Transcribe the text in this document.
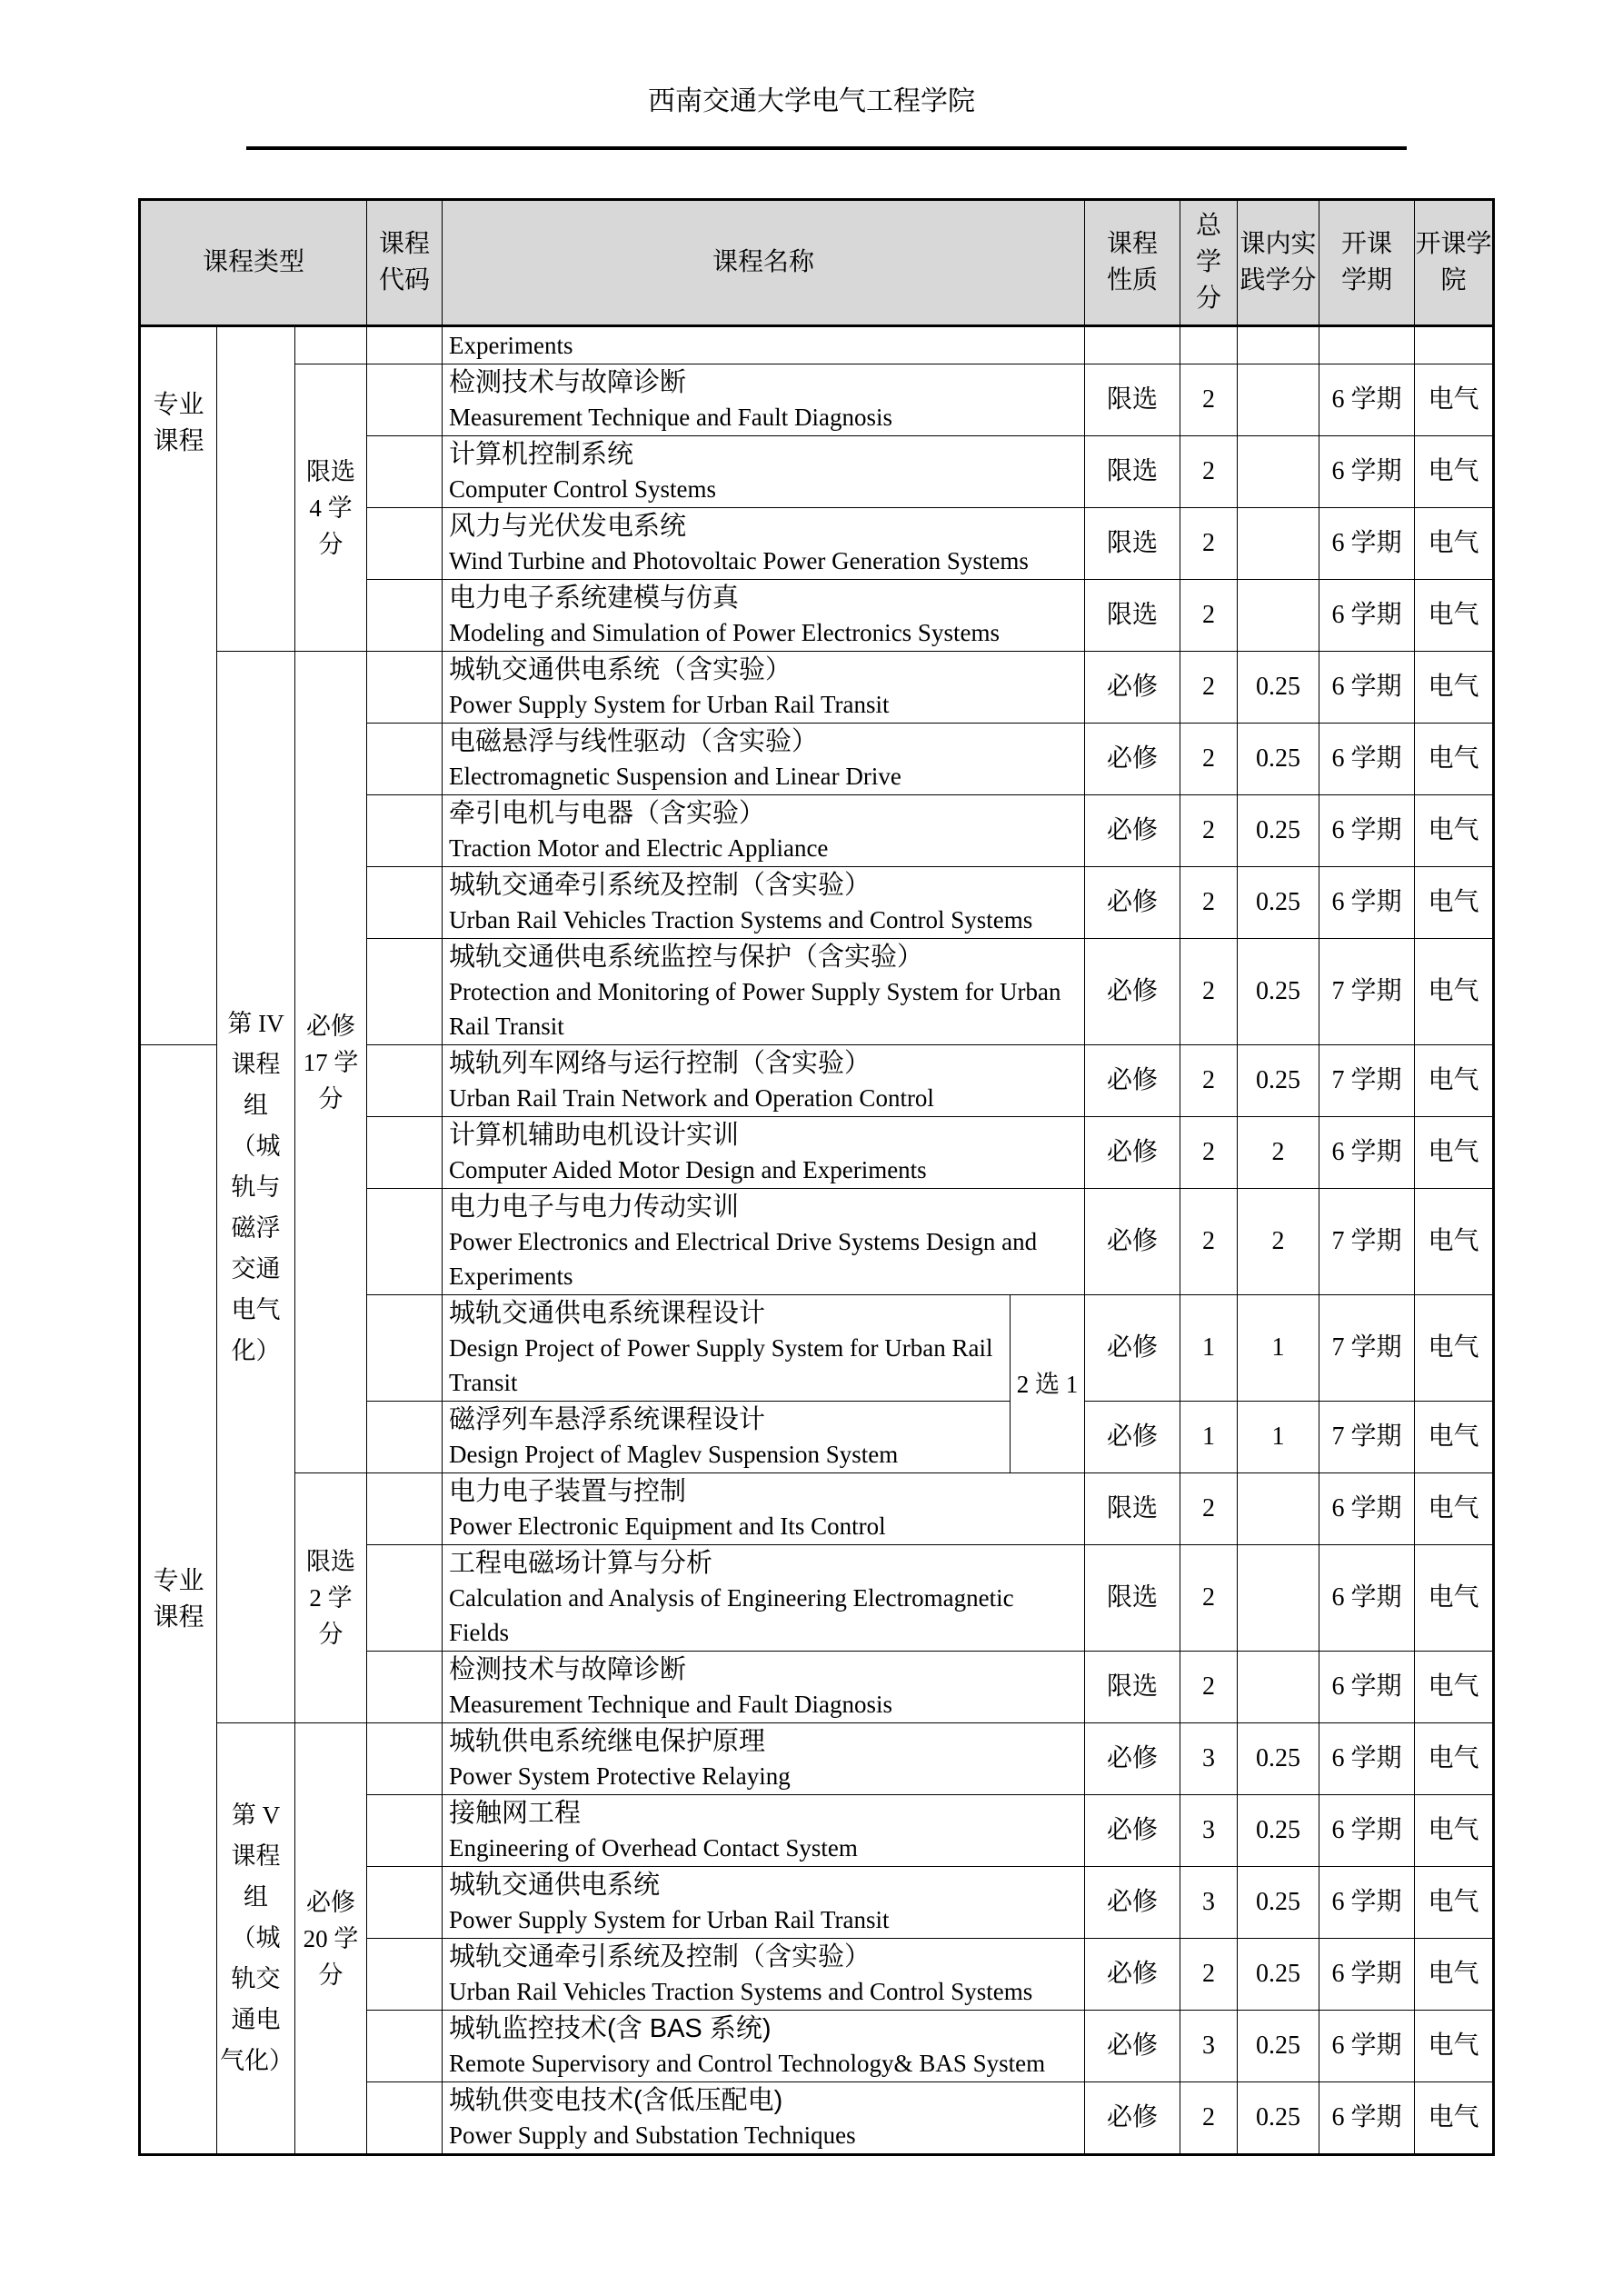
西南交通大学电气工程学院
课程类型			课程代码	课程名称		课程性质	总学分	课内实践学分	开课学期	开课学院
专业课程				Experiments						

		限选 4 学分		检测技术与故障诊断
Measurement Technique and Fault Diagnosis		限选	2		6 学期	电气

				计算机控制系统
Computer Control Systems		限选	2		6 学期	电气

				风力与光伏发电系统
Wind Turbine and Photovoltaic Power Generation Systems		限选	2		6 学期	电气

				电力电子系统建模与仿真
Modeling and Simulation of Power Electronics Systems		限选	2		6 学期	电气
	第 IV 课程组（城轨与磁浮交通电气化）	必修 17 学分		城轨交通供电系统（含实验）
Power Supply System for Urban Rail Transit		必修	2	0.25	6 学期	电气

				电磁悬浮与线性驱动（含实验）
Electromagnetic Suspension and Linear Drive		必修	2	0.25	6 学期	电气

				牵引电机与电器（含实验）
Traction Motor and Electric Appliance		必修	2	0.25	6 学期	电气

				城轨交通牵引系统及控制（含实验）
Urban Rail Vehicles Traction Systems and Control Systems		必修	2	0.25	6 学期	电气

				城轨交通供电系统监控与保护（含实验）
Protection and Monitoring of Power Supply System for Urban Rail Transit		必修	2	0.25	7 学期	电气
专业课程				城轨列车网络与运行控制（含实验）
Urban Rail Train Network and Operation Control		必修	2	0.25	7 学期	电气

				计算机辅助电机设计实训
Computer Aided Motor Design and Experiments		必修	2	2	6 学期	电气

				电力电子与电力传动实训
Power Electronics and Electrical Drive Systems Design and Experiments		必修	2	2	7 学期	电气

				城轨交通供电系统课程设计
Design Project of Power Supply System for Urban Rail Transit	2 选 1	必修	1	1	7 学期	电气

				磁浮列车悬浮系统课程设计
Design Project of Maglev Suspension System		必修	1	1	7 学期	电气
		限选 2 学分		电力电子装置与控制
Power Electronic Equipment and Its Control		限选	2		6 学期	电气

				工程电磁场计算与分析
Calculation and Analysis of Engineering Electromagnetic Fields		限选	2		6 学期	电气

				检测技术与故障诊断
Measurement Technique and Fault Diagnosis		限选	2		6 学期	电气
	第 V 课程组（城轨交通电气化）	必修 20 学分		城轨供电系统继电保护原理
Power System Protective Relaying		必修	3	0.25	6 学期	电气

				接触网工程
Engineering of Overhead Contact System		必修	3	0.25	6 学期	电气

				城轨交通供电系统
Power Supply System for Urban Rail Transit		必修	3	0.25	6 学期	电气

				城轨交通牵引系统及控制（含实验）
Urban Rail Vehicles Traction Systems and Control Systems		必修	2	0.25	6 学期	电气

				城轨监控技术(含 BAS 系统)
Remote Supervisory and Control Technology& BAS System		必修	3	0.25	6 学期	电气

				城轨供变电技术(含低压配电)
Power Supply and Substation Techniques		必修	2	0.25	6 学期	电气
